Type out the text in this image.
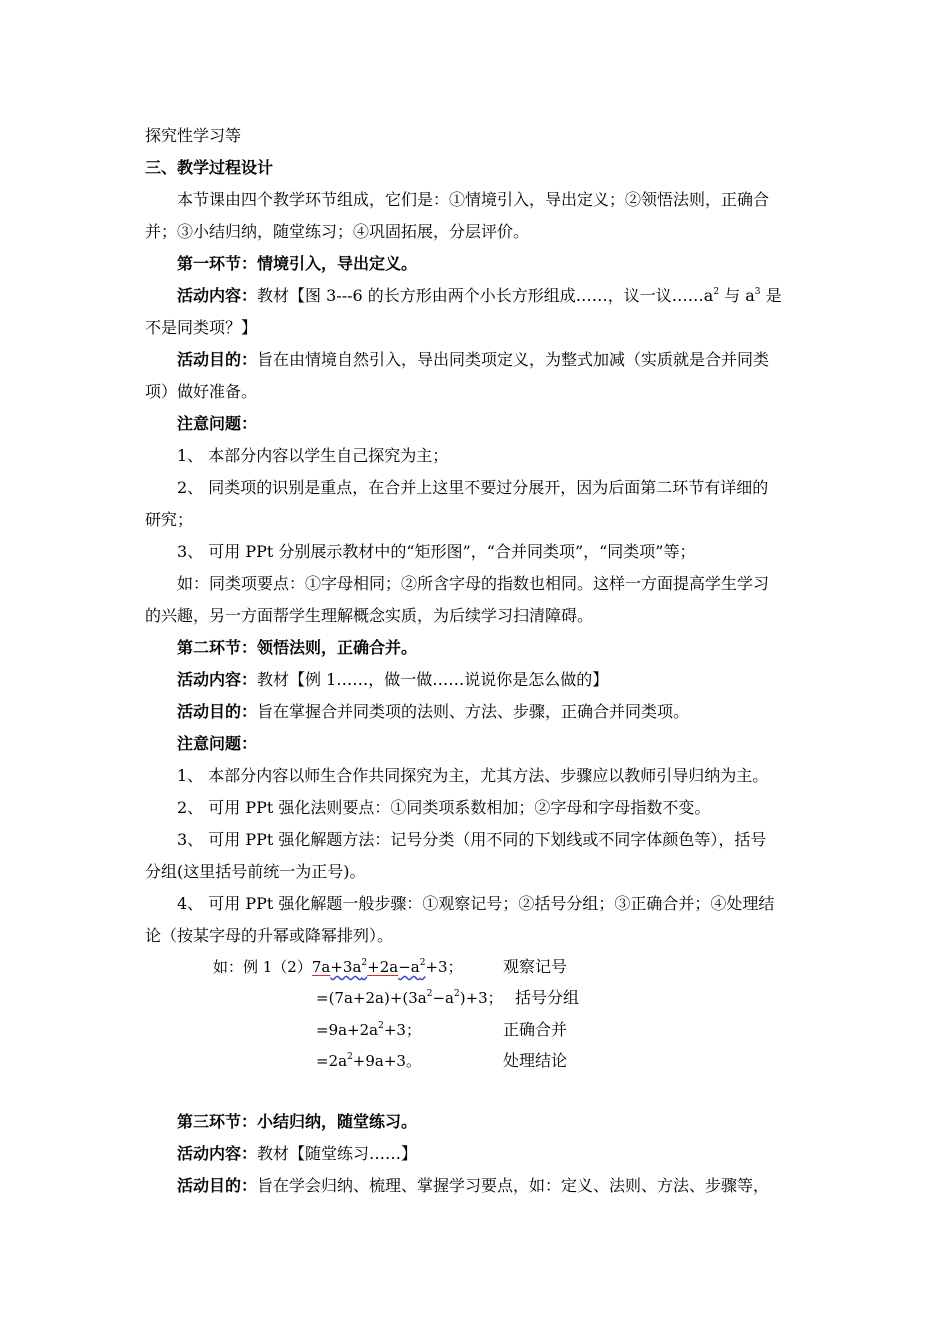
探究性学习等
三、教学过程设计
本节课由四个教学环节组成，它们是：①情境引入，导出定义；②领悟法则，正确合
并；③小结归纳，随堂练习；④巩固拓展，分层评价。
第一环节：情境引入，导出定义。
活动内容：教材【图 3---6 的长方形由两个小长方形组成……，议一议$\dots\dots a^2$ 与 $a^3$ 是
不是同类项？】
活动目的：旨在由情境自然引入，导出同类项定义，为整式加减（实质就是合并同类
项）做好准备。
注意问题：
1、 本部分内容以学生自己探究为主；
2、 同类项的识别是重点，在合并上这里不要过分展开，因为后面第二环节有详细的
研究；
3、 可用 PPt 分别展示教材中的“矩形图”，“合并同类项”，“同类项”等；
如：同类项要点：①字母相同；②所含字母的指数也相同。这样一方面提高学生学习
的兴趣，另一方面帮学生理解概念实质，为后续学习扫清障碍。
第二环节：领悟法则，正确合并。
活动内容：教材【例 1……，做一做……说说你是怎么做的】
活动目的：旨在掌握合并同类项的法则、方法、步骤，正确合并同类项。
注意问题：
1、 本部分内容以师生合作共同探究为主，尤其方法、步骤应以教师引导归纳为主。
2、 可用 PPt 强化法则要点：①同类项系数相加；②字母和字母指数不变。
3、 可用 PPt 强化解题方法：记号分类（用不同的下划线或不同字体颜色等），括号
分组(这里括号前统一为正号)。
4、 可用 PPt 强化解题一般步骤：①观察记号；②括号分组；③正确合并；④处理结
论（按某字母的升幂或降幂排列）。
如：例 $1(2)7a+3a^2+2a-a^2+3$；	观察记号
$=(7a+2a)+(3a^2-a^2)+3$； 括号分组
$=9a+2a^2+3$；	正确合并
$=2a^2+9a+3$。	处理结论
第三环节：小结归纳，随堂练习。
活动内容：教材【随堂练习……】
活动目的：旨在学会归纳、梳理、掌握学习要点，如：定义、法则、方法、步骤等，
